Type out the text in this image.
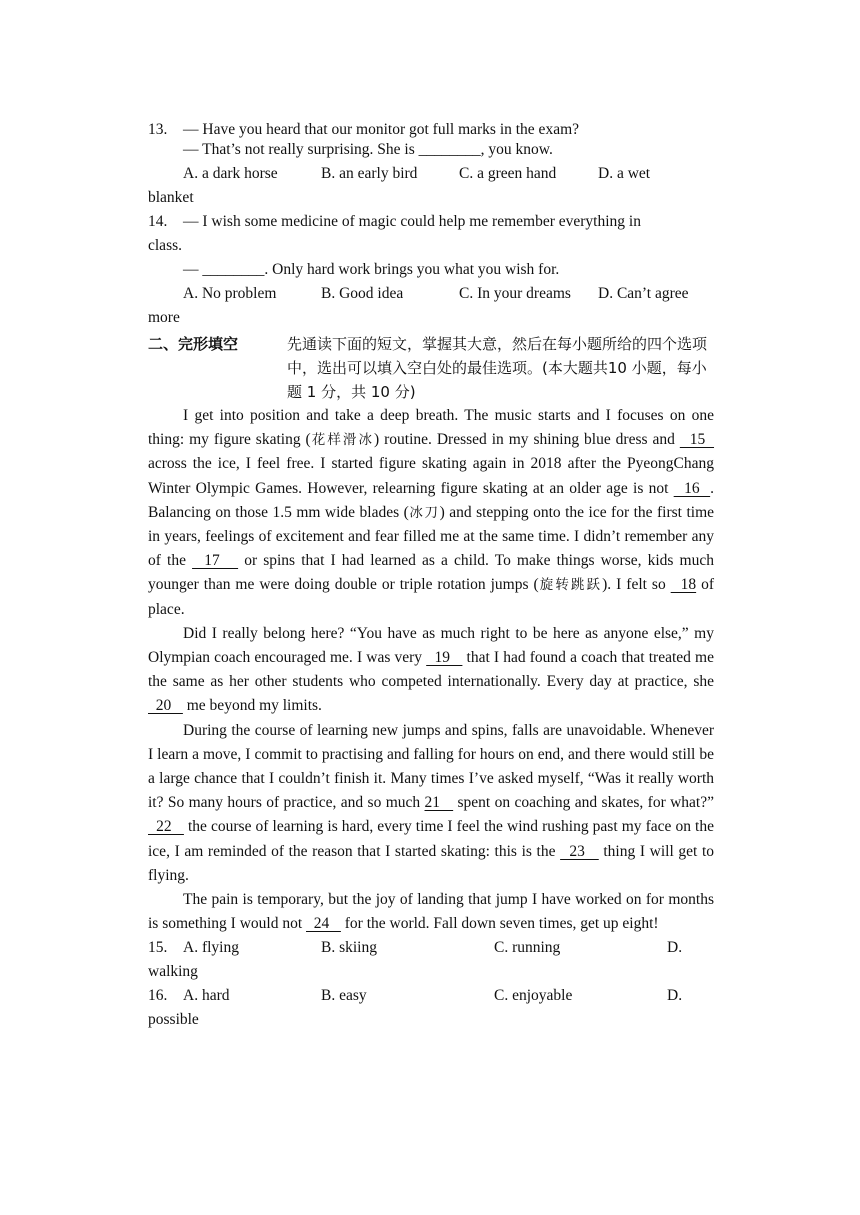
13.	— Have you heard that our monitor got full marks in the exam?
— That’s not really surprising. She is ________, you know.
A. a dark horse	B. an early bird	C. a green hand	D. a wet
blanket
14.	— I wish some medicine of magic could help me remember everything in
class.
— ________. Only hard work brings you what you wish for.
A. No problem	B. Good idea	C. In your dreams	D. Can’t agree
more
二、完形填空	先通读下面的短文，掌握其大意，然后在每小题所给的四个选项中，选出可以填入空白处的最佳选项。(本大题共10 小题，每小题 1 分，共 10 分)
I get into position and take a deep breath. The music starts and I focuses on one thing: my figure skating (花样滑冰) routine. Dressed in my shining blue dress and   15   across the ice, I feel free. I started figure skating again in 2018 after the PyeongChang Winter Olympic Games. However, relearning figure skating at an older age is not   16  . Balancing on those 1.5 mm wide blades (冰刀) and stepping onto the ice for the first time in years, feelings of excitement and fear filled me at the same time. I didn’t remember any of the   17    or spins that I had learned as a child. To make things worse, kids much younger than me were doing double or triple rotation jumps (旋转跳跃). I felt so   18 of place.
Did I really belong here? “You have as much right to be here as anyone else,” my Olympian coach encouraged me. I was very   19    that I had found a coach that treated me the same as her other students who competed internationally. Every day at practice, she   20    me beyond my limits.
During the course of learning new jumps and spins, falls are unavoidable. Whenever I learn a move, I commit to practising and falling for hours on end, and there would still be a large chance that I couldn’t finish it. Many times I’ve asked myself, “Was it really worth it? So many hours of practice, and so much 21    spent on coaching and skates, for what?”   22    the course of learning is hard, every time I feel the wind rushing past my face on the ice, I am reminded of the reason that I started skating: this is the   23    thing I will get to flying.
The pain is temporary, but the joy of landing that jump I have worked on for months is something I would not   24    for the world. Fall down seven times, get up eight!
15.	A. flying	B. skiing	C. running	D.
walking
16.	A. hard	B. easy	C. enjoyable	D.
possible
